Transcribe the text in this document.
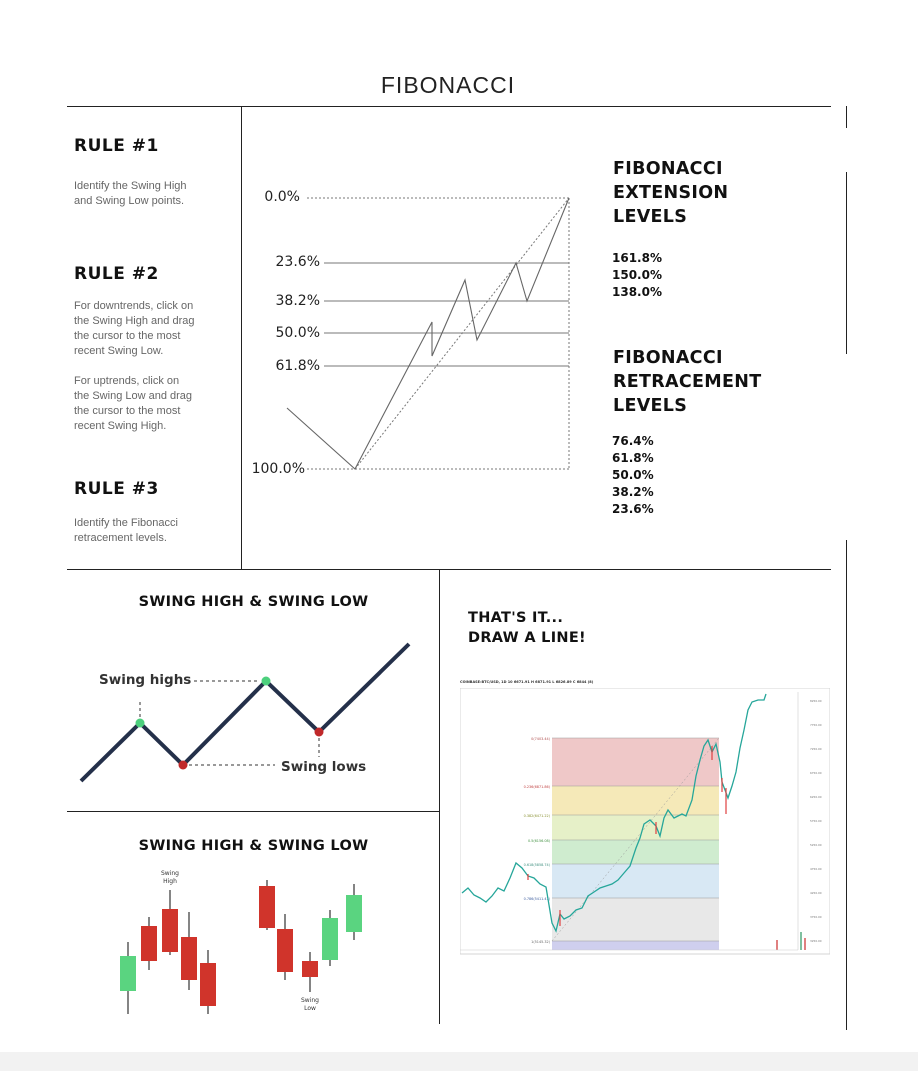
FIBONACCI
RULE #1
Identify the Swing High
and Swing Low points.
RULE #2
For downtrends, click on
the Swing High and drag
the cursor to the most
recent Swing Low.
For uptrends, click on
the Swing Low and drag
the cursor to the most
recent Swing High.
RULE #3
Identify the Fibonacci
retracement levels.
0.0%
23.6%
38.2%
50.0%
61.8%
100.0%
FIBONACCI
EXTENSION
LEVELS
161.8%
150.0%
138.0%
FIBONACCI
RETRACEMENT
LEVELS
76.4%
61.8%
50.0%
38.2%
23.6%
SWING HIGH & SWING LOW
Swing highs
Swing lows
SWING HIGH & SWING LOW
Swing
High
Swing
Low
THAT'S IT...
DRAW A LINE!
COINBASE:BTC/USD, 1D 10 6671.91 H 6871.91 L 6826.89 C 6844 (8)
0(7403.44)
0.236(6871.86)
0.382(6471.22)
0.5(6156.08)
0.618(5858.74)
0.786(5411.47)
1(5145.32)
8250.00
7750.00
7250.00
6750.00
6250.00
5750.00
5250.00
4750.00
4250.00
3750.00
3250.00
